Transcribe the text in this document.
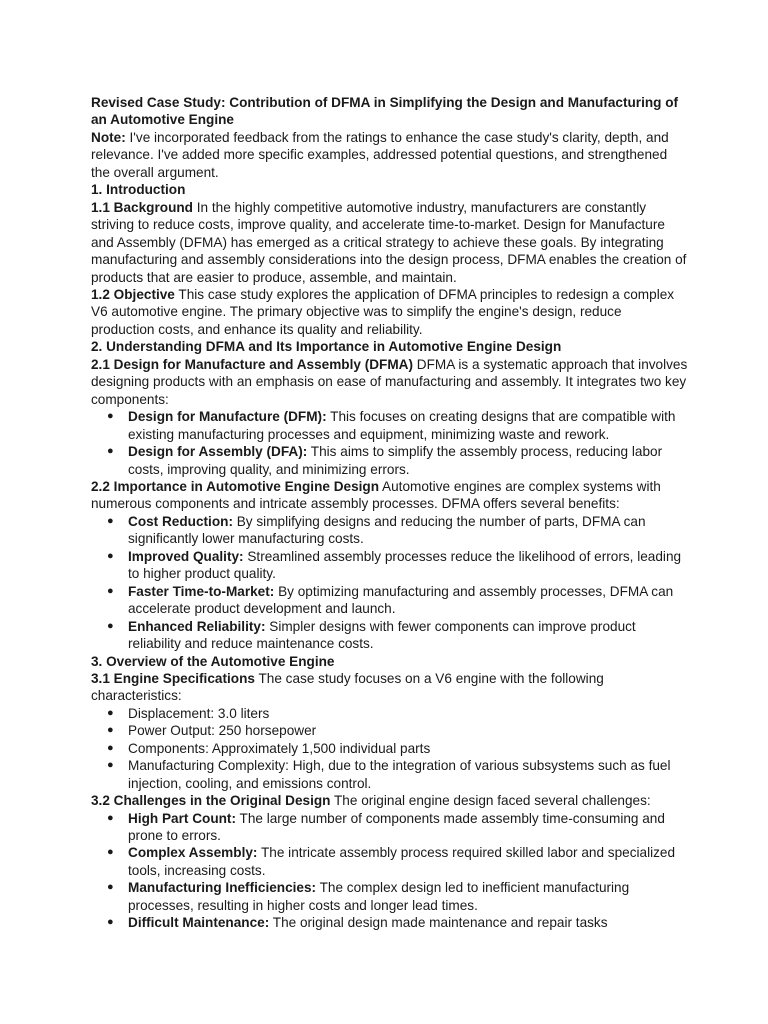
Revised Case Study: Contribution of DFMA in Simplifying the Design and Manufacturing of an Automotive Engine

Note: I've incorporated feedback from the ratings to enhance the case study's clarity, depth, and relevance. I've added more specific examples, addressed potential questions, and strengthened the overall argument.

1. Introduction

1.1 Background In the highly competitive automotive industry, manufacturers are constantly striving to reduce costs, improve quality, and accelerate time-to-market. Design for Manufacture and Assembly (DFMA) has emerged as a critical strategy to achieve these goals. By integrating manufacturing and assembly considerations into the design process, DFMA enables the creation of products that are easier to produce, assemble, and maintain.

1.2 Objective This case study explores the application of DFMA principles to redesign a complex V6 automotive engine. The primary objective was to simplify the engine's design, reduce production costs, and enhance its quality and reliability.

2. Understanding DFMA and Its Importance in Automotive Engine Design

2.1 Design for Manufacture and Assembly (DFMA) DFMA is a systematic approach that involves designing products with an emphasis on ease of manufacturing and assembly. It integrates two key components:

● Design for Manufacture (DFM): This focuses on creating designs that are compatible with existing manufacturing processes and equipment, minimizing waste and rework.
● Design for Assembly (DFA): This aims to simplify the assembly process, reducing labor costs, improving quality, and minimizing errors.

2.2 Importance in Automotive Engine Design Automotive engines are complex systems with numerous components and intricate assembly processes. DFMA offers several benefits:

● Cost Reduction: By simplifying designs and reducing the number of parts, DFMA can significantly lower manufacturing costs.
● Improved Quality: Streamlined assembly processes reduce the likelihood of errors, leading to higher product quality.
● Faster Time-to-Market: By optimizing manufacturing and assembly processes, DFMA can accelerate product development and launch.
● Enhanced Reliability: Simpler designs with fewer components can improve product reliability and reduce maintenance costs.

3. Overview of the Automotive Engine

3.1 Engine Specifications The case study focuses on a V6 engine with the following characteristics:

● Displacement: 3.0 liters
● Power Output: 250 horsepower
● Components: Approximately 1,500 individual parts
● Manufacturing Complexity: High, due to the integration of various subsystems such as fuel injection, cooling, and emissions control.

3.2 Challenges in the Original Design The original engine design faced several challenges:

● High Part Count: The large number of components made assembly time-consuming and prone to errors.
● Complex Assembly: The intricate assembly process required skilled labor and specialized tools, increasing costs.
● Manufacturing Inefficiencies: The complex design led to inefficient manufacturing processes, resulting in higher costs and longer lead times.
● Difficult Maintenance: The original design made maintenance and repair tasks
